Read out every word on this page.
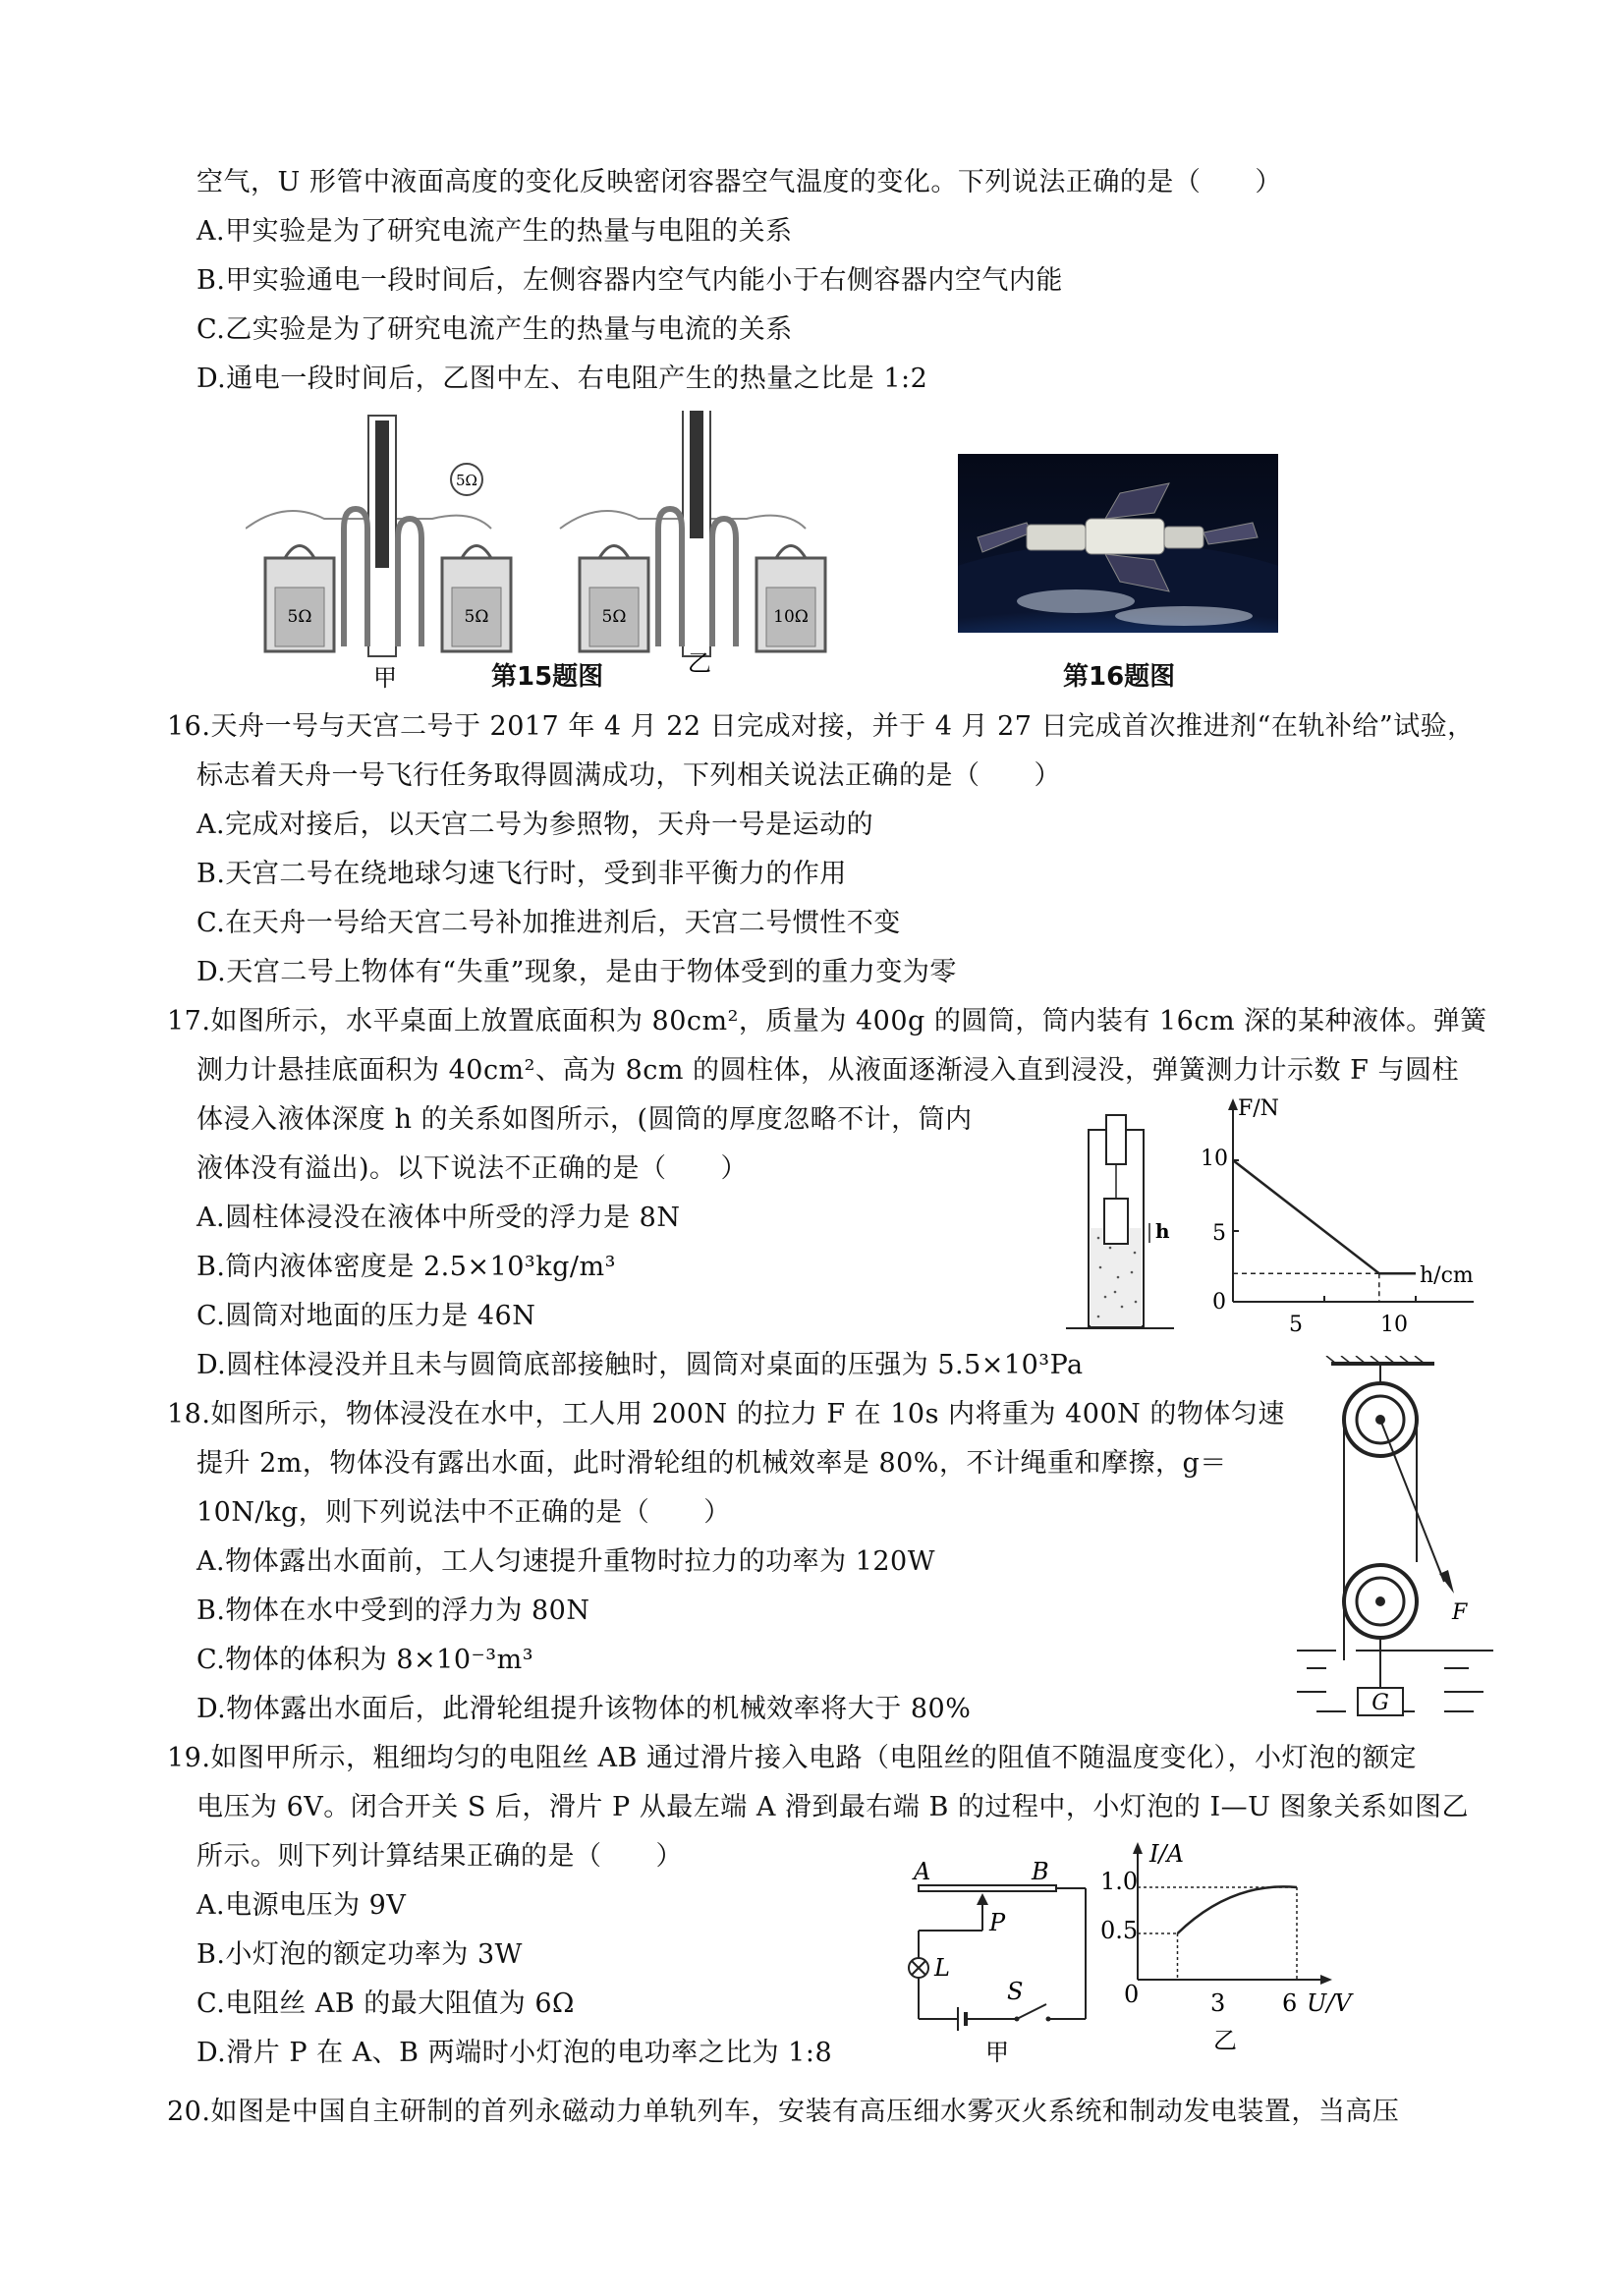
空气，U 形管中液面高度的变化反映密闭容器空气温度的变化。下列说法正确的是（　　）
A.甲实验是为了研究电流产生的热量与电阻的关系
B.甲实验通电一段时间后，左侧容器内空气内能小于右侧容器内空气内能
C.乙实验是为了研究电流产生的热量与电流的关系
D.通电一段时间后，乙图中左、右电阻产生的热量之比是 1:2
5Ω
5Ω	5Ω
甲
5Ω	10Ω
乙
第15题图	第16题图
16.天舟一号与天宫二号于 2017 年 4 月 22 日完成对接，并于 4 月 27 日完成首次推进剂“在轨补给”试验，
标志着天舟一号飞行任务取得圆满成功，下列相关说法正确的是（　　）
A.完成对接后，以天宫二号为参照物，天舟一号是运动的
B.天宫二号在绕地球匀速飞行时，受到非平衡力的作用
C.在天舟一号给天宫二号补加推进剂后，天宫二号惯性不变
D.天宫二号上物体有“失重”现象，是由于物体受到的重力变为零
17.如图所示，水平桌面上放置底面积为 80cm²，质量为 400g 的圆筒，筒内装有 16cm 深的某种液体。弹簧
测力计悬挂底面积为 40cm²、高为 8cm 的圆柱体，从液面逐渐浸入直到浸没，弹簧测力计示数 F 与圆柱
体浸入液体深度 h 的关系如图所示，(圆筒的厚度忽略不计，筒内
液体没有溢出)。以下说法不正确的是（　　）
A.圆柱体浸没在液体中所受的浮力是 8N
B.筒内液体密度是 2.5×10³kg/m³
C.圆筒对地面的压力是 46N
D.圆柱体浸没并且未与圆筒底部接触时，圆筒对桌面的压强为 5.5×10³Pa
h
F/N
h/cm
10
5
0
5	10
18.如图所示，物体浸没在水中，工人用 200N 的拉力 F 在 10s 内将重为 400N 的物体匀速
提升 2m，物体没有露出水面，此时滑轮组的机械效率是 80%，不计绳重和摩擦，g＝
10N/kg，则下列说法中不正确的是（　　）
A.物体露出水面前，工人匀速提升重物时拉力的功率为 120W
B.物体在水中受到的浮力为 80N
C.物体的体积为 8×10⁻³m³
D.物体露出水面后，此滑轮组提升该物体的机械效率将大于 80%
F
G
19.如图甲所示，粗细均匀的电阻丝 AB 通过滑片接入电路（电阻丝的阻值不随温度变化），小灯泡的额定
电压为 6V。闭合开关 S 后，滑片 P 从最左端 A 滑到最右端 B 的过程中，小灯泡的 I—U 图象关系如图乙
所示。则下列计算结果正确的是（　　）
A.电源电压为 9V
B.小灯泡的额定功率为 3W
C.电阻丝 AB 的最大阻值为 6Ω
D.滑片 P 在 A、B 两端时小灯泡的电功率之比为 1:8
A	B
P
L
S
甲
I/A
U/V
1.0
0.5
0	3 6
乙
20.如图是中国自主研制的首列永磁动力单轨列车，安装有高压细水雾灭火系统和制动发电装置，当高压
